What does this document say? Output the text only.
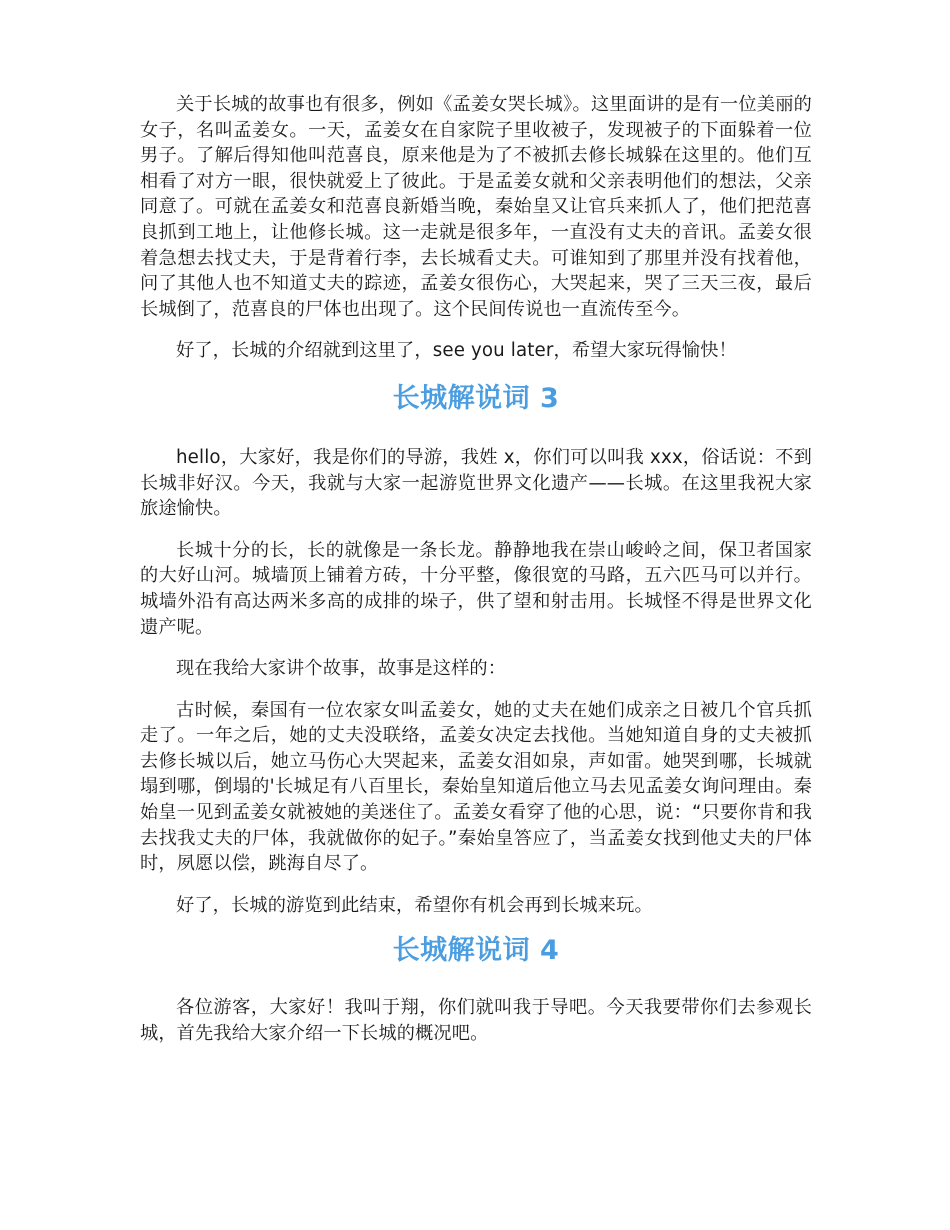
关于长城的故事也有很多，例如《孟姜女哭长城》。这里面讲的是有一位美丽的女子，名叫孟姜女。一天，孟姜女在自家院子里收被子，发现被子的下面躲着一位男子。了解后得知他叫范喜良，原来他是为了不被抓去修长城躲在这里的。他们互相看了对方一眼，很快就爱上了彼此。于是孟姜女就和父亲表明他们的想法，父亲同意了。可就在孟姜女和范喜良新婚当晚，秦始皇又让官兵来抓人了，他们把范喜良抓到工地上，让他修长城。这一走就是很多年，一直没有丈夫的音讯。孟姜女很着急想去找丈夫，于是背着行李，去长城看丈夫。可谁知到了那里并没有找着他，问了其他人也不知道丈夫的踪迹，孟姜女很伤心，大哭起来，哭了三天三夜，最后长城倒了，范喜良的尸体也出现了。这个民间传说也一直流传至今。

好了，长城的介绍就到这里了，see you later，希望大家玩得愉快！

长城解说词 3

hello，大家好，我是你们的导游，我姓 x，你们可以叫我 xxx，俗话说：不到长城非好汉。今天，我就与大家一起游览世界文化遗产——长城。在这里我祝大家旅途愉快。

长城十分的长，长的就像是一条长龙。静静地我在崇山峻岭之间，保卫者国家的大好山河。城墙顶上铺着方砖，十分平整，像很宽的马路，五六匹马可以并行。城墙外沿有高达两米多高的成排的垛子，供了望和射击用。长城怪不得是世界文化遗产呢。

现在我给大家讲个故事，故事是这样的：

古时候，秦国有一位农家女叫孟姜女，她的丈夫在她们成亲之日被几个官兵抓走了。一年之后，她的丈夫没联络，孟姜女决定去找他。当她知道自身的丈夫被抓去修长城以后，她立马伤心大哭起来，孟姜女泪如泉，声如雷。她哭到哪，长城就塌到哪，倒塌的'长城足有八百里长，秦始皇知道后他立马去见孟姜女询问理由。秦始皇一见到孟姜女就被她的美迷住了。孟姜女看穿了他的心思，说：“只要你肯和我去找我丈夫的尸体，我就做你的妃子。”秦始皇答应了，当孟姜女找到他丈夫的尸体时，夙愿以偿，跳海自尽了。

好了，长城的游览到此结束，希望你有机会再到长城来玩。

长城解说词 4

各位游客，大家好！我叫于翔，你们就叫我于导吧。今天我要带你们去参观长城，首先我给大家介绍一下长城的概况吧。
